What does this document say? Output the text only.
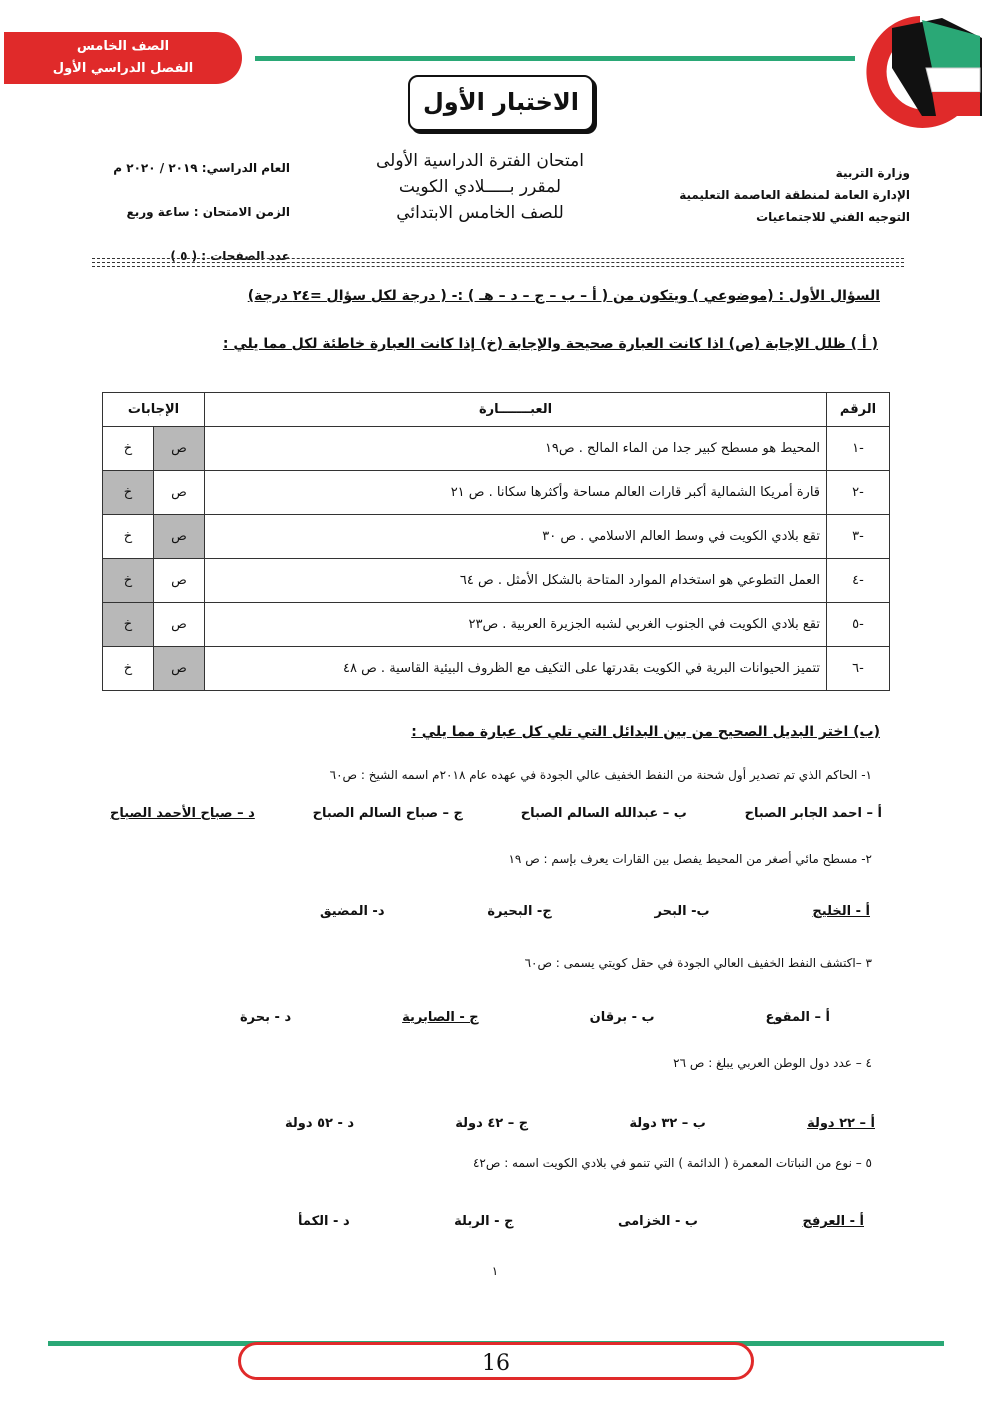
الصف الخامس
الفصل الدراسي الأول
الاختبار الأول
وزارة التربية
الإدارة العامة لمنطقة العاصمة التعليمية
التوجيه الفني للاجتماعيات
امتحان الفترة الدراسية الأولى
لمقرر بـــــلادي الكويت
للصف الخامس الابتدائي
العام الدراسي: ٢٠١٩ / ٢٠٢٠ م
الزمن الامتحان : ساعة وربع
عدد الصفحات : ( ٥ )
السؤال الأول : (موضوعي ) ويتكون من ( أ – ب – ج – د – هـ ) :- ( درجة لكل سؤال =٢٤ درجة)
( أ ) ظلل الإجابة (ص) اذا كانت العبارة صحيحة والإجابة (خ) إذا كانت العبارة خاطئة لكل مما يلي :
الرقم	العبـــــــارة	الإجابات	
-١	المحيط هو مسطح كبير جدا من الماء المالح . ص١٩	ص	خ
-٢	قارة أمريكا الشمالية أكبر قارات العالم مساحة وأكثرها سكانا . ص ٢١	ص	خ
-٣	تقع بلادي الكويت في وسط العالم الاسلامي . ص ٣٠	ص	خ
-٤	العمل التطوعي هو استخدام الموارد المتاحة بالشكل الأمثل . ص ٦٤	ص	خ
-٥	تقع بلادي الكويت في الجنوب الغربي لشبه الجزيرة العربية . ص٢٣	ص	خ
-٦	تتميز الحيوانات البرية في الكويت بقدرتها على التكيف مع الظروف البيئية القاسية . ص ٤٨	ص	خ
(ب) اختر البديل الصحيح من بين البدائل التي تلي كل عبارة مما يلي :
١- الحاكم الذي تم تصدير أول شحنة من النفط الخفيف عالي الجودة في عهده عام ٢٠١٨م اسمه الشيخ : ص٦٠
أ – احمد الجابر الصباح
ب – عبدالله السالم الصباح
ج – صباح السالم الصباح
د – صباح الأحمد الصباح
٢- مسطح مائي أصغر من المحيط يفصل بين القارات يعرف بإسم : ص ١٩
أ - الخليج
ب- البحر
ج- البحيرة
د- المضيق
٣ –اكتشف النفط الخفيف العالي الجودة في حقل كويتي يسمى : ص٦٠
أ – المقوع
ب - برقان
ج - الصابرية
د - بحرة
٤ – عدد دول الوطن العربي يبلغ : ص ٢٦
أ – ٢٢ دولة
ب – ٣٢ دولة
ج – ٤٢ دولة
د - ٥٢ دولة
٥ – نوع من النباتات المعمرة ( الدائمة ) التي تنمو في بلادي الكويت اسمه : ص٤٢
أ - العرفج
ب - الخزامى
ج - الربلة
د - الكمأ
١
16
